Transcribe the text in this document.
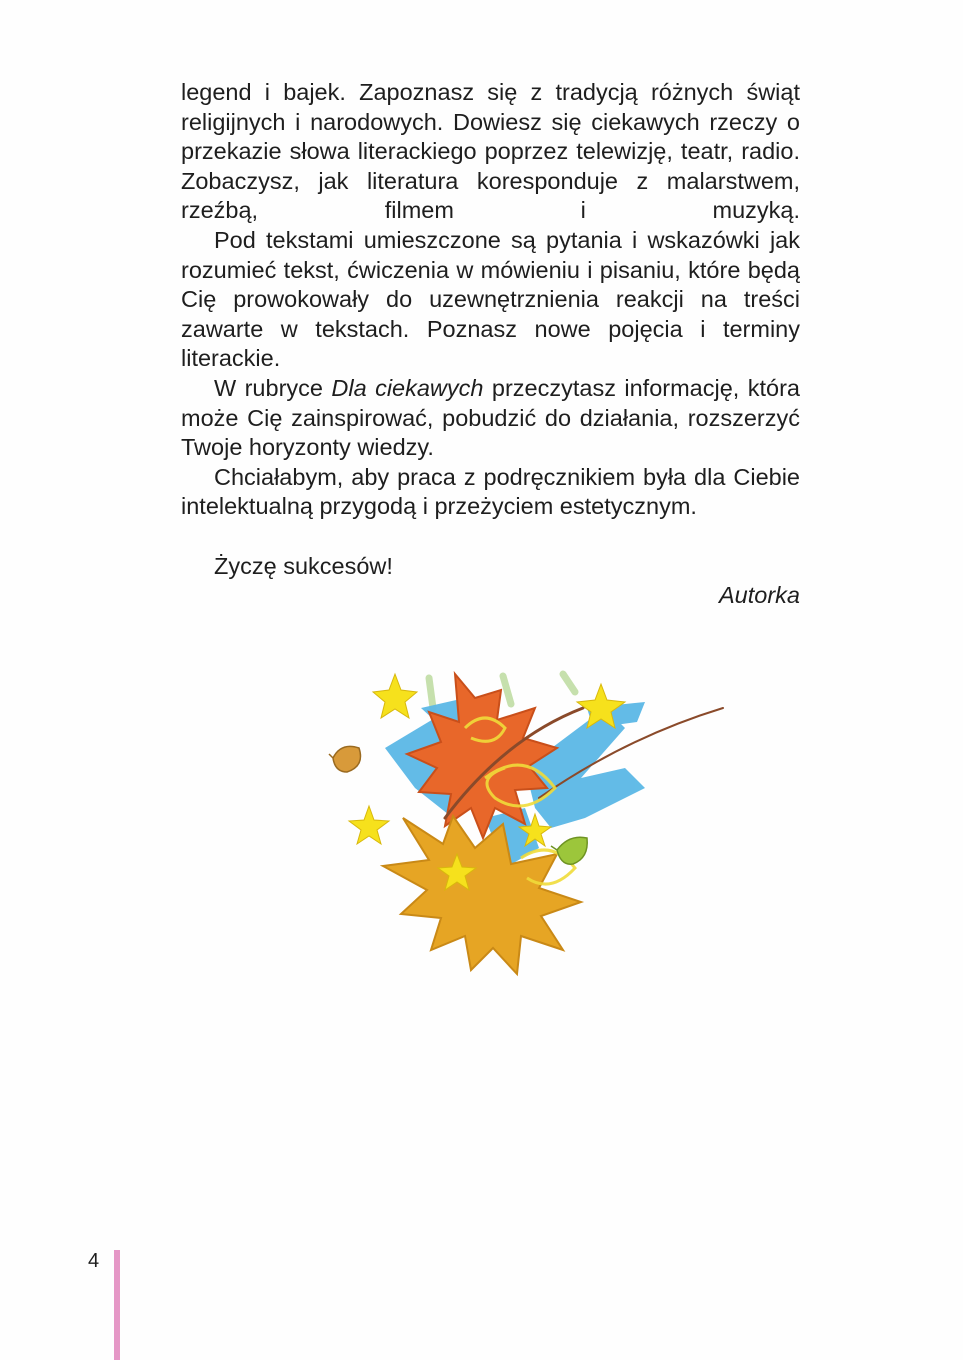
legend i bajek. Zapoznasz się z tradycją różnych świąt religijnych i narodowych. Dowiesz się ciekawych rzeczy o przekazie słowa literackiego poprzez telewizję, teatr, radio. Zobaczysz, jak literatura koresponduje z malarstwem, rzeźbą, filmem i muzyką.

Pod tekstami umieszczone są pytania i wskazówki jak rozumieć tekst, ćwiczenia w mówieniu i pisaniu, które będą Cię prowokowały do uzewnętrznienia reakcji na treści zawarte w tekstach. Poznasz nowe pojęcia i terminy literackie.

W rubryce Dla ciekawych przeczytasz informację, która może Cię zainspirować, pobudzić do działania, rozszerzyć Twoje horyzonty wiedzy.

Chciałabym, aby praca z podręcznikiem była dla Ciebie intelektualną przygodą i przeżyciem estetycznym.

Życzę sukcesów!

Autorka

4
